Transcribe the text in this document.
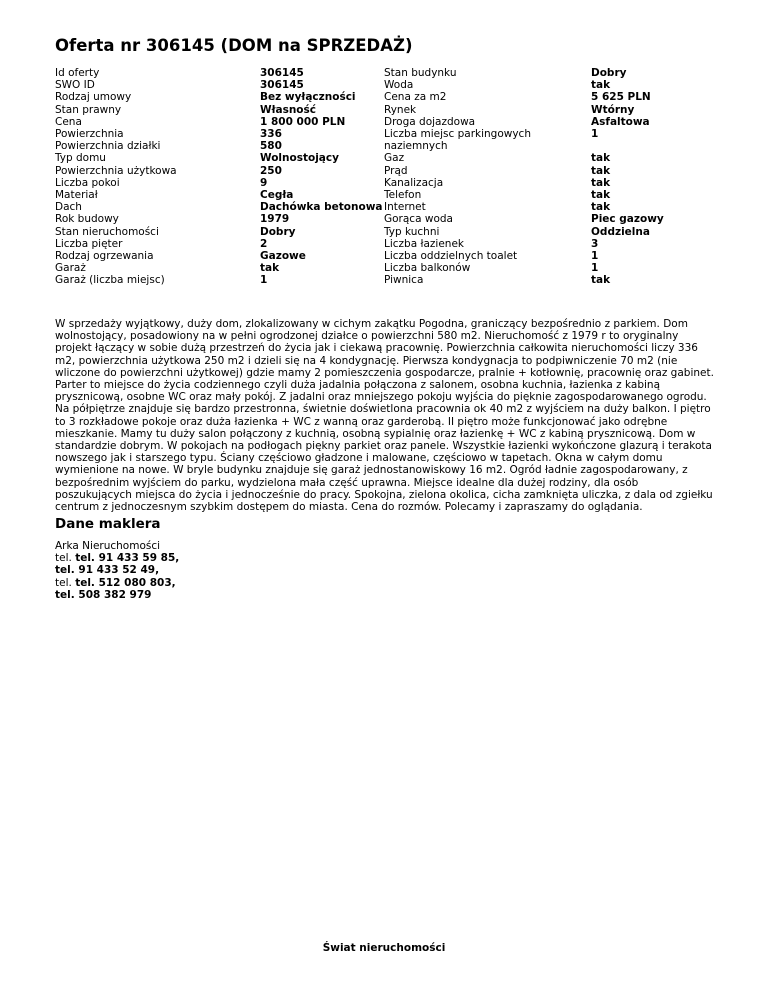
Oferta nr 306145 (DOM na SPRZEDAŻ)
Id oferty	306145	Stan budynku	Dobry
SWO ID	306145	Woda	tak
Rodzaj umowy	Bez wyłączności	Cena za m2	5 625 PLN
Stan prawny	Własność	Rynek	Wtórny
Cena	1 800 000 PLN	Droga dojazdowa	Asfaltowa
Powierzchnia	336	Liczba miejsc parkingowych	1
Powierzchnia działki	580	naziemnych	
Typ domu	Wolnostojący	Gaz	tak
Powierzchnia użytkowa	250	Prąd	tak
Liczba pokoi	9	Kanalizacja	tak
Materiał	Cegła	Telefon	tak
Dach	Dachówka betonowa	Internet	tak
Rok budowy	1979	Gorąca woda	Piec gazowy
Stan nieruchomości	Dobry	Typ kuchni	Oddzielna
Liczba pięter	2	Liczba łazienek	3
Rodzaj ogrzewania	Gazowe	Liczba oddzielnych toalet	1
Garaż	tak	Liczba balkonów	1
Garaż (liczba miejsc)	1	Piwnica	tak

W sprzedaży wyjątkowy, duży dom, zlokalizowany w cichym zakątku Pogodna, graniczący bezpośrednio z parkiem. Dom wolnostojący, posadowiony na w pełni ogrodzonej działce o powierzchni 580 m2. Nieruchomość z 1979 r to oryginalny projekt łączący w sobie dużą przestrzeń do życia jak i ciekawą pracownię. Powierzchnia całkowita nieruchomości liczy 336 m2, powierzchnia użytkowa 250 m2 i dzieli się na 4 kondygnację. Pierwsza kondygnacja to podpiwniczenie 70 m2 (nie wliczone do powierzchni użytkowej) gdzie mamy 2 pomieszczenia gospodarcze, pralnie + kotłownię, pracownię oraz gabinet. Parter to miejsce do życia codziennego czyli duża jadalnia połączona z salonem, osobna kuchnia, łazienka z kabiną prysznicową, osobne WC oraz mały pokój. Z jadalni oraz mniejszego pokoju wyjścia do pięknie zagospodarowanego ogrodu. Na półpiętrze znajduje się bardzo przestronna, świetnie doświetlona pracownia ok 40 m2 z wyjściem na duży balkon. I piętro to 3 rozkładowe pokoje oraz duża łazienka + WC z wanną oraz garderobą. II piętro może funkcjonować jako odrębne mieszkanie. Mamy tu duży salon połączony z kuchnią, osobną sypialnię oraz łazienkę + WC z kabiną prysznicową. Dom w standardzie dobrym. W pokojach na podłogach piękny parkiet oraz panele. Wszystkie łazienki wykończone glazurą i terakota nowszego jak i starszego typu. Ściany częściowo gładzone i malowane, częściowo w tapetach. Okna w całym domu wymienione na nowe. W bryle budynku znajduje się garaż jednostanowiskowy 16 m2. Ogród ładnie zagospodarowany, z bezpośrednim wyjściem do parku, wydzielona mała część uprawna. Miejsce idealne dla dużej rodziny, dla osób poszukujących miejsca do życia i jednocześnie do pracy. Spokojna, zielona okolica, cicha zamknięta uliczka, z dala od zgiełku centrum z jednoczesnym szybkim dostępem do miasta. Cena do rozmów. Polecamy i zapraszamy do oglądania.

Dane maklera
Arka Nieruchomości
tel. tel. 91 433 59 85,
tel. 91 433 52 49,
tel. tel. 512 080 803,
tel. 508 382 979
Świat nieruchomości
